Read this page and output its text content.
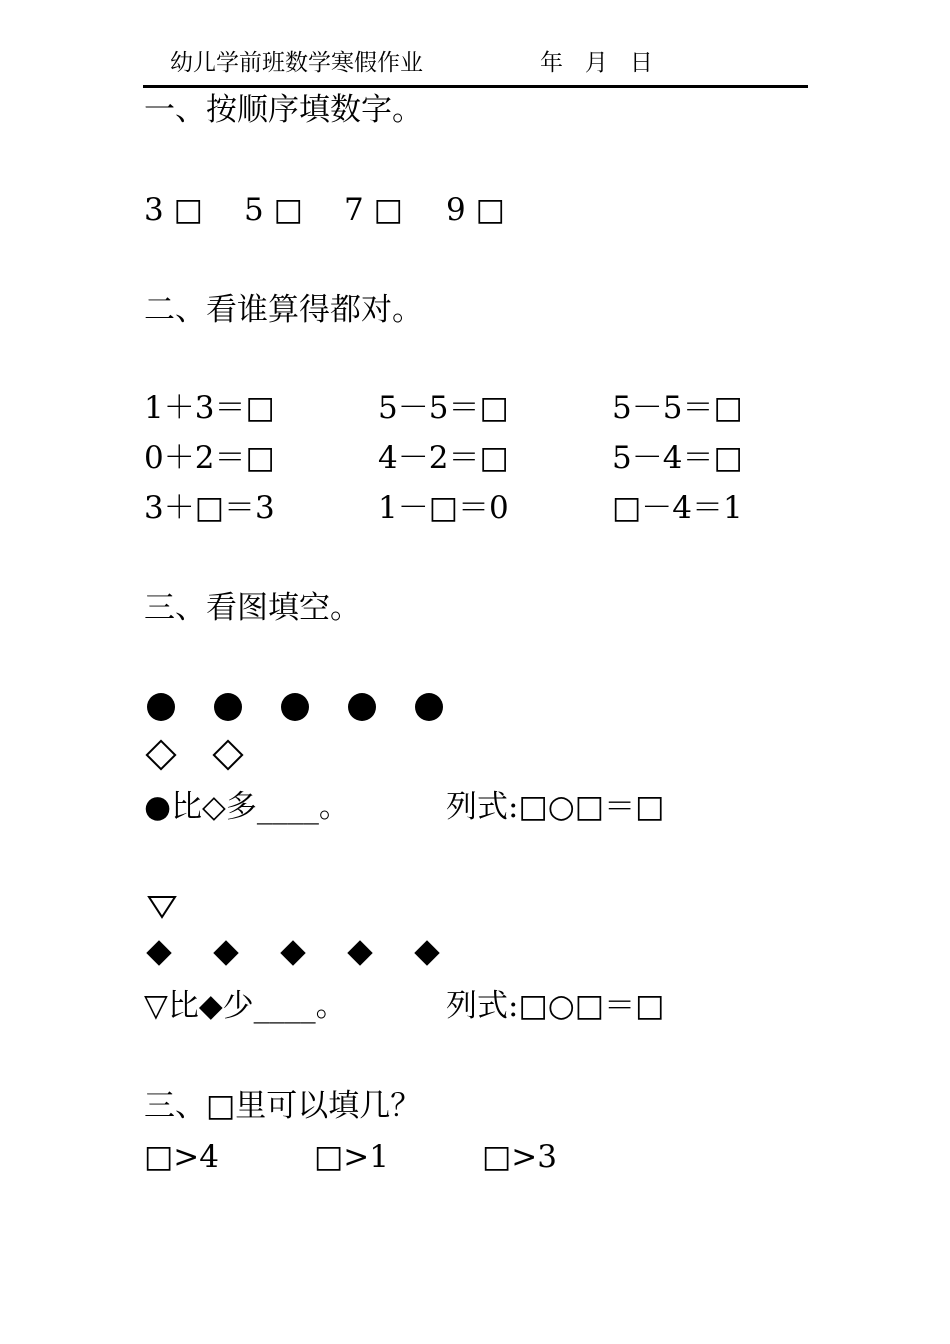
幼儿学前班数学寒假作业	年   月   日
一、按顺序填数字。
3 □ 5 □ 7 □ 9 □
二、看谁算得都对。
1＋3＝□	5－5＝□	5－5＝□
0＋2＝□	4－2＝□	5－4＝□
3＋□＝3	1－□＝0	□－4＝1
三、看图填空。
●比◇多____。	列式:□○□＝□
▽比◆少____。	列式:□○□＝□
三、□里可以填几？
□>4	□>1	□>3
